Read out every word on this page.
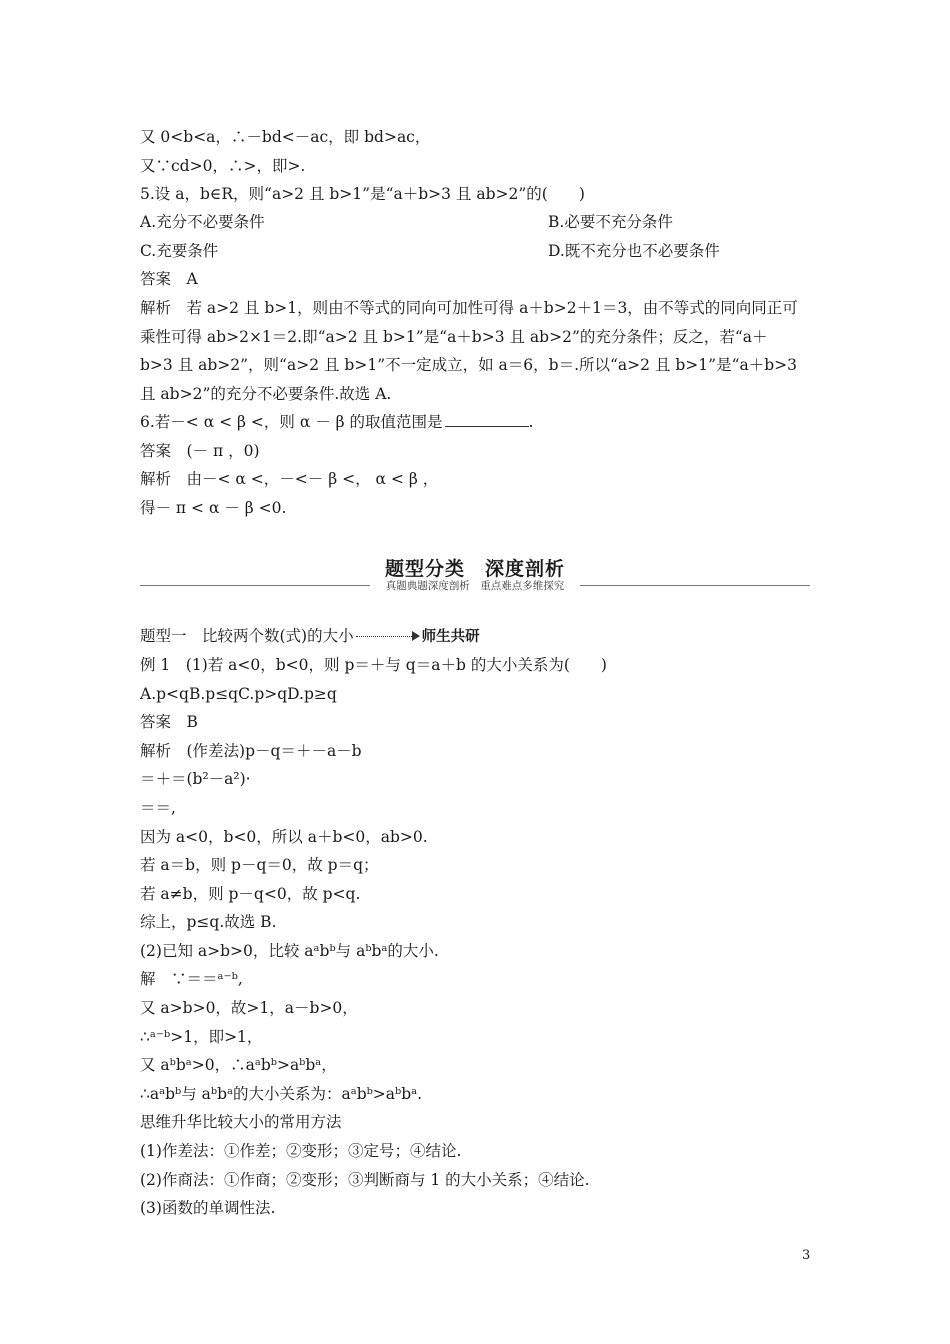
又 0<b<a，∴－bd<－ac，即 bd>ac，
又∵cd>0，∴>，即>.
5.设 a，b∈R，则“a>2 且 b>1”是“a＋b>3 且 ab>2”的(　　)
A.充分不必要条件	B.必要不充分条件
C.充要条件	D.既不充分也不必要条件
答案　A
解析　若 a>2 且 b>1，则由不等式的同向可加性可得 a＋b>2＋1＝3，由不等式的同向同正可
乘性可得 ab>2×1＝2.即“a>2 且 b>1”是“a＋b>3 且 ab>2”的充分条件；反之，若“a＋
b>3 且 ab>2”，则“a>2 且 b>1”不一定成立，如 a＝6，b＝.所以“a>2 且 b>1”是“a＋b>3
且 ab>2”的充分不必要条件.故选 A.
6.若－< α < β <，则 α － β 的取值范围是	.
答案　(－ π ，0)
解析　由－< α <，－<－ β <， α < β ，
得－ π < α － β <0.
题型分类　深度剖析
真题典题深度剖析　重点难点多维探究
题型一　比较两个数(式)的大小	师生共研
例 1　(1)若 a<0，b<0，则 p＝＋与 q＝a＋b 的大小关系为(　　)
A.p<qB.p≤qC.p>qD.p≥q
答案　B
解析　(作差法)p－q＝＋－a－b
＝＋＝(b²－a²)·
＝＝,
因为 a<0，b<0，所以 a＋b<0，ab>0.
若 a＝b，则 p－q＝0，故 p＝q；
若 a≠b，则 p－q<0，故 p<q.
综上，p≤q.故选 B.
(2)已知 a>b>0，比较 aᵃbᵇ与 aᵇbᵃ的大小.
解　∵＝＝ᵃ⁻ᵇ,
又 a>b>0，故>1，a－b>0，
∴ᵃ⁻ᵇ>1，即>1，
又 aᵇbᵃ>0，∴aᵃbᵇ>aᵇbᵃ，
∴aᵃbᵇ与 aᵇbᵃ的大小关系为：aᵃbᵇ>aᵇbᵃ.
思维升华比较大小的常用方法
(1)作差法：①作差；②变形；③定号；④结论.
(2)作商法：①作商；②变形；③判断商与 1 的大小关系；④结论.
(3)函数的单调性法.
3
